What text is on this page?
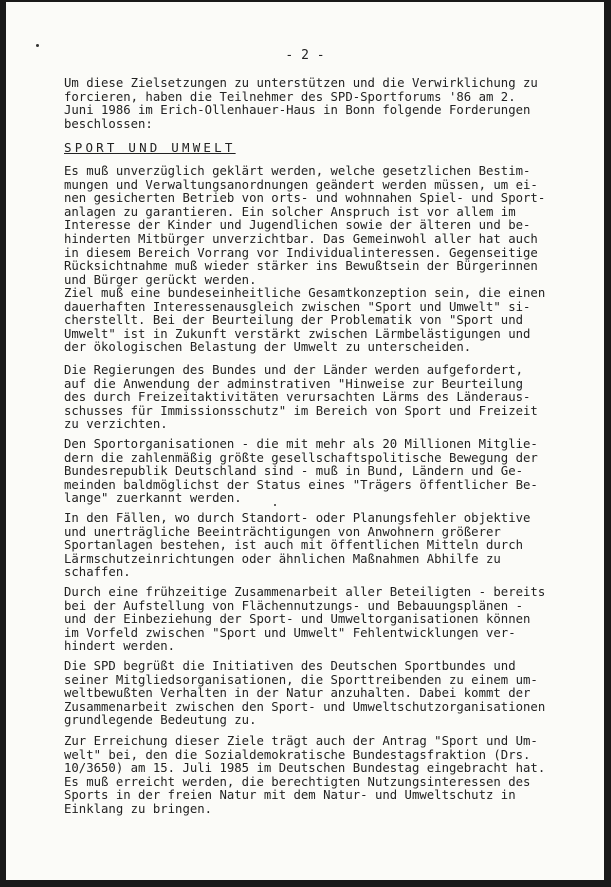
- 2 -
Um diese Zielsetzungen zu unterstützen und die Verwirklichung zu
forcieren, haben die Teilnehmer des SPD-Sportforums '86 am 2.
Juni 1986 im Erich-Ollenhauer-Haus in Bonn folgende Forderungen
beschlossen:
SPORT UND UMWELT
Es muß unverzüglich geklärt werden, welche gesetzlichen Bestim-
mungen und Verwaltungsanordnungen geändert werden müssen, um ei-
nen gesicherten Betrieb von orts- und wohnnahen Spiel- und Sport-
anlagen zu garantieren. Ein solcher Anspruch ist vor allem im
Interesse der Kinder und Jugendlichen sowie der älteren und be-
hinderten Mitbürger unverzichtbar. Das Gemeinwohl aller hat auch
in diesem Bereich Vorrang vor Individualinteressen. Gegenseitige
Rücksichtnahme muß wieder stärker ins Bewußtsein der Bürgerinnen
und Bürger gerückt werden.
Ziel muß eine bundeseinheitliche Gesamtkonzeption sein, die einen
dauerhaften Interessenausgleich zwischen "Sport und Umwelt" si-
cherstellt. Bei der Beurteilung der Problematik von "Sport und
Umwelt" ist in Zukunft verstärkt zwischen Lärmbelästigungen und
der ökologischen Belastung der Umwelt zu unterscheiden.
Die Regierungen des Bundes und der Länder werden aufgefordert,
auf die Anwendung der adminstrativen "Hinweise zur Beurteilung
des durch Freizeitaktivitäten verursachten Lärms des Länderaus-
schusses für Immissionsschutz" im Bereich von Sport und Freizeit
zu verzichten.
Den Sportorganisationen - die mit mehr als 20 Millionen Mitglie-
dern die zahlenmäßig größte gesellschaftspolitische Bewegung der
Bundesrepublik Deutschland sind - muß in Bund, Ländern und Ge-
meinden baldmöglichst der Status eines "Trägers öffentlicher Be-
lange" zuerkannt werden.
In den Fällen, wo durch Standort- oder Planungsfehler objektive
und unerträgliche Beeinträchtigungen von Anwohnern größerer
Sportanlagen bestehen, ist auch mit öffentlichen Mitteln durch
Lärmschutzeinrichtungen oder ähnlichen Maßnahmen Abhilfe zu
schaffen.
Durch eine frühzeitige Zusammenarbeit aller Beteiligten - bereits
bei der Aufstellung von Flächennutzungs- und Bebauungsplänen -
und der Einbeziehung der Sport- und Umweltorganisationen können
im Vorfeld zwischen "Sport und Umwelt" Fehlentwicklungen ver-
hindert werden.
Die SPD begrüßt die Initiativen des Deutschen Sportbundes und
seiner Mitgliedsorganisationen, die Sporttreibenden zu einem um-
weltbewußten Verhalten in der Natur anzuhalten. Dabei kommt der
Zusammenarbeit zwischen den Sport- und Umweltschutzorganisationen
grundlegende Bedeutung zu.
Zur Erreichung dieser Ziele trägt auch der Antrag "Sport und Um-
welt" bei, den die Sozialdemokratische Bundestagsfraktion (Drs.
10/3650) am 15. Juli 1985 im Deutschen Bundestag eingebracht hat.
Es muß erreicht werden, die berechtigten Nutzungsinteressen des
Sports in der freien Natur mit dem Natur- und Umweltschutz in
Einklang zu bringen.
